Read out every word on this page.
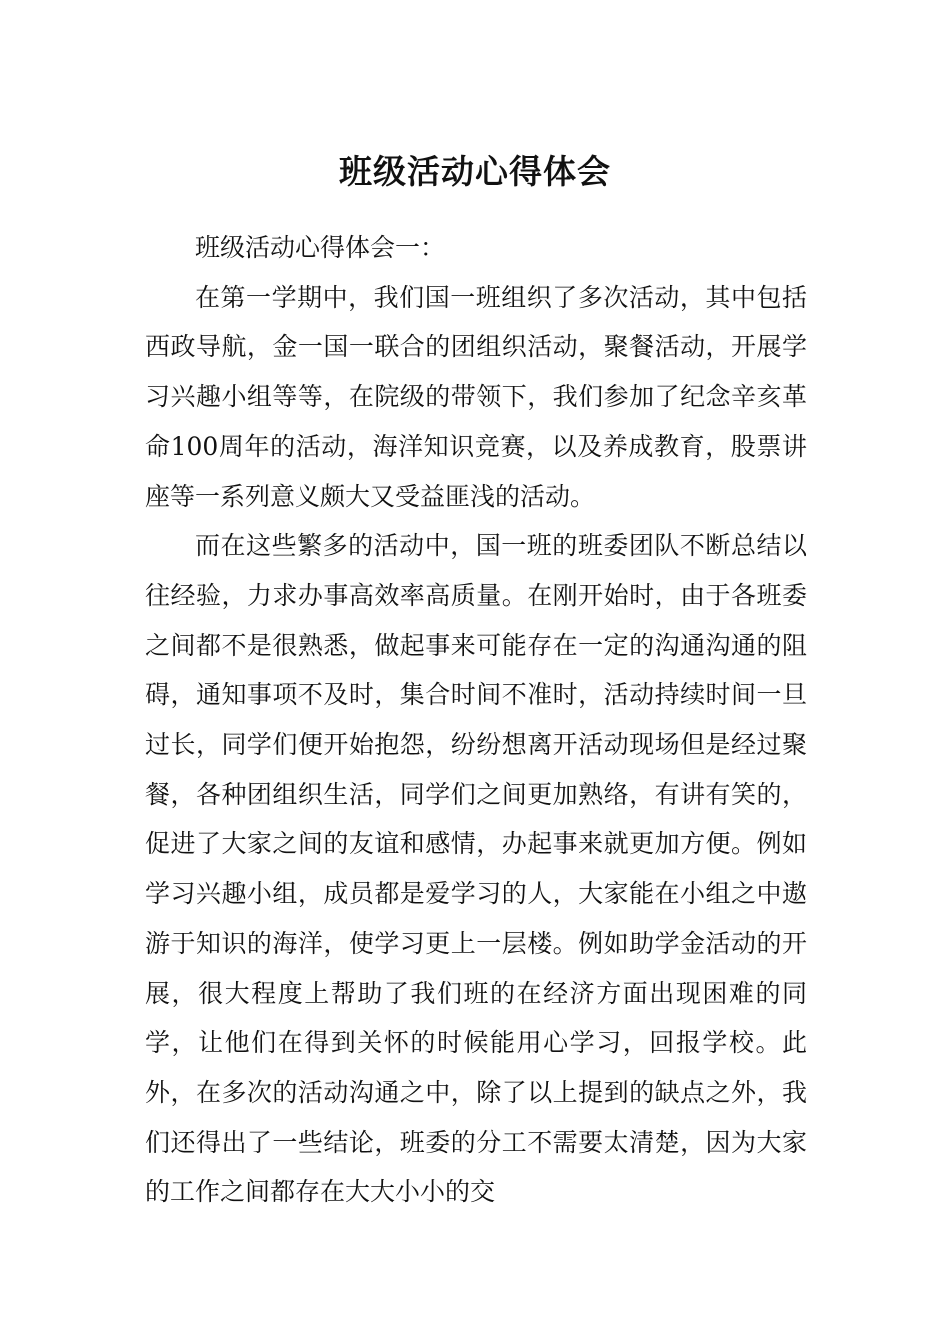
班级活动心得体会

班级活动心得体会一：

在第一学期中，我们国一班组织了多次活动，其中包括西政导航，金一国一联合的团组织活动，聚餐活动，开展学习兴趣小组等等，在院级的带领下，我们参加了纪念辛亥革命100周年的活动，海洋知识竞赛，以及养成教育，股票讲座等一系列意义颇大又受益匪浅的活动。

而在这些繁多的活动中，国一班的班委团队不断总结以往经验，力求办事高效率高质量。在刚开始时，由于各班委之间都不是很熟悉，做起事来可能存在一定的沟通沟通的阻碍，通知事项不及时，集合时间不准时，活动持续时间一旦过长，同学们便开始抱怨，纷纷想离开活动现场但是经过聚餐，各种团组织生活，同学们之间更加熟络，有讲有笑的，促进了大家之间的友谊和感情，办起事来就更加方便。例如学习兴趣小组，成员都是爱学习的人，大家能在小组之中遨游于知识的海洋，使学习更上一层楼。例如助学金活动的开展，很大程度上帮助了我们班的在经济方面出现困难的同学，让他们在得到关怀的时候能用心学习，回报学校。此外，在多次的活动沟通之中，除了以上提到的缺点之外，我们还得出了一些结论，班委的分工不需要太清楚，因为大家的工作之间都存在大大小小的交
